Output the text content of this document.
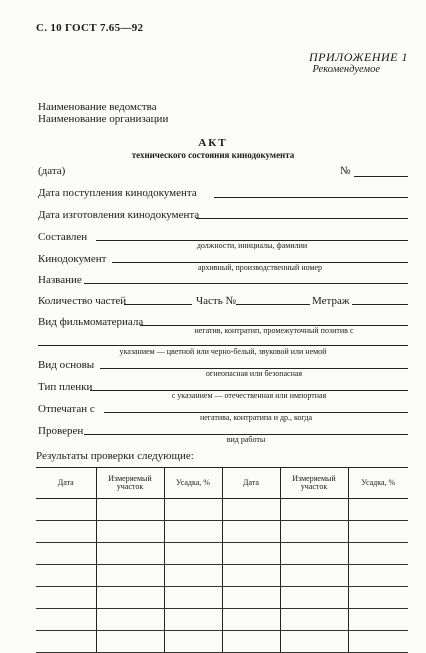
С. 10 ГОСТ 7.65—92
ПРИЛОЖЕНИЕ 1
Рекомендуемое
Наименование ведомства
Наименование организации
АКТ
технического состояния кинодокумента
(дата)	№
Дата поступления кинодокумента
Дата изготовления кинодокумента
Составлен
должности, инициалы, фамилии
Кинодокумент
архивный, производственный номер
Название
Количество частей	Часть №	Метраж
Вид фильмоматериала
негатив, контратип, промежуточный позитив с
указанием — цветной или черно-белый, звуковой или немой
Вид основы
огнеопасная или безопасная
Тип пленки
с указанием — отечественная или импортная
Отпечатан с
негатива, контратипа и др., когда
Проверен
вид работы
Результаты проверки следующие:
Дата	Измеряемый участок	Усадка, %	Дата	Измеряемый участок	Усадка, %
